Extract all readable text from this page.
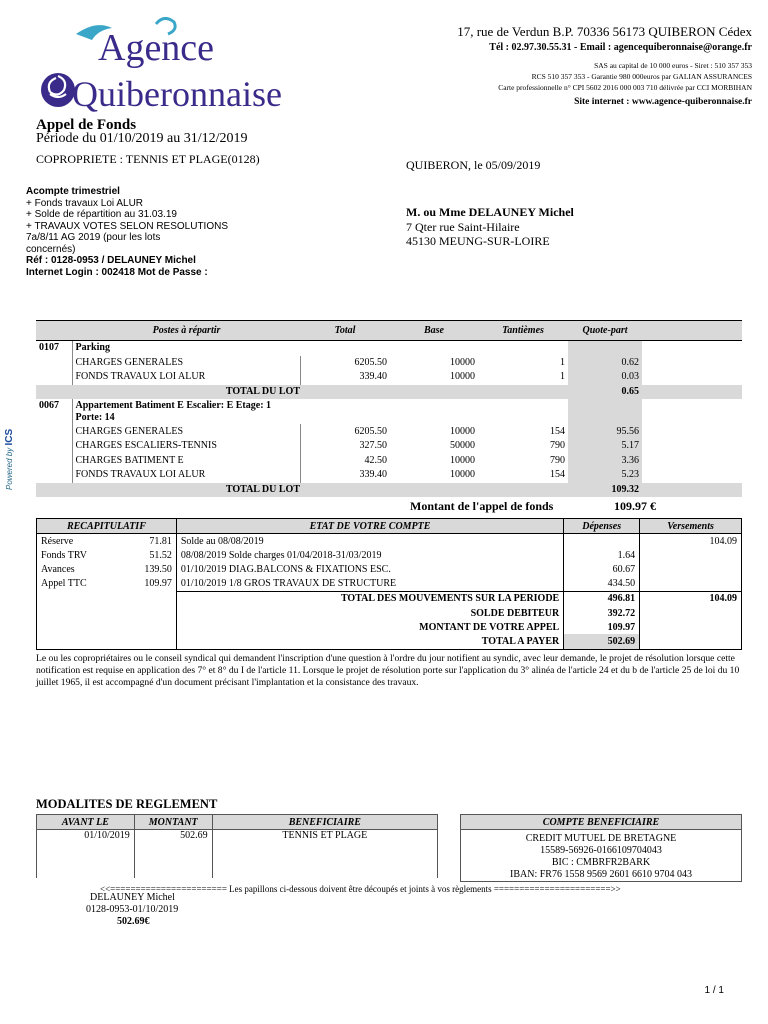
Agence
Quiberonnaise
17, rue de Verdun B.P. 70336 56173 QUIBERON Cédex
Tél : 02.97.30.55.31 - Email : agencequiberonnaise@orange.fr
SAS au capital de 10 000 euros - Siret : 510 357 353
RCS 510 357 353 - Garantie 980 000euros par GALIAN ASSURANCES
Carte professionnelle n° CPI 5602 2016 000 003 710 délivrée par CCI MORBIHAN
Site internet : www.agence-quiberonnaise.fr
Appel de Fonds
Période du 01/10/2019 au 31/12/2019
COPROPRIETE : TENNIS ET PLAGE(0128)	QUIBERON, le 05/09/2019
Acompte trimestriel
+ Fonds travaux Loi ALUR
+ Solde de répartition au 31.03.19
+ TRAVAUX VOTES SELON RESOLUTIONS
7a/8/11 AG 2019 (pour les lots
concernés)
Réf : 0128-0953 / DELAUNEY Michel
Internet Login : 002418 Mot de Passe :
M. ou Mme DELAUNEY Michel
7 Qter rue Saint-Hilaire
45130 MEUNG-SUR-LOIRE
Powered by ICS
Postes à répartir		Total	Base	Tantièmes	Quote-part	
0107	Parking					
	CHARGES GENERALES	6205.50	10000	1	0.62	
	FONDS TRAVAUX LOI ALUR	339.40	10000	1	0.03	
	TOTAL DU LOT				0.65	
0067	Appartement Batiment E Escalier: E Etage: 1
Porte: 14					

	CHARGES GENERALES	6205.50	10000	154	95.56	
	CHARGES ESCALIERS-TENNIS	327.50	50000	790	5.17	
	CHARGES BATIMENT E	42.50	10000	790	3.36	
	FONDS TRAVAUX LOI ALUR	339.40	10000	154	5.23	
	TOTAL DU LOT				109.32	
Montant de l'appel de fonds	109.97 €
RECAPITULATIF		ETAT DE VOTRE COMPTE	Dépenses	Versements
Réserve	71.81	Solde au 08/08/2019		104.09
Fonds TRV	51.52	08/08/2019 Solde charges 01/04/2018-31/03/2019	1.64	
Avances	139.50	01/10/2019 DIAG.BALCONS & FIXATIONS ESC.	60.67	
Appel TTC	109.97	01/10/2019 1/8 GROS TRAVAUX DE STRUCTURE	434.50	
		TOTAL DES MOUVEMENTS SUR LA PERIODE	496.81	104.09
		SOLDE DEBITEUR	392.72	
		MONTANT DE VOTRE APPEL	109.97	
		TOTAL A PAYER	502.69	
Le ou les copropriétaires ou le conseil syndical qui demandent l'inscription d'une question à l'ordre du jour notifient au syndic, avec leur demande, le projet de résolution lorsque cette notification est requise en application des 7° et 8° du I de l'article 11. Lorsque le projet de résolution porte sur l'application du 3° alinéa de l'article 24 et du b de l'article 25 de loi du 10 juillet 1965, il est accompagné d'un document précisant l'implantation et la consistance des travaux.
MODALITES DE REGLEMENT
AVANT LE	MONTANT	BENEFICIAIRE
01/10/2019	502.69	TENNIS ET PLAGE
COMPTE BENEFICIAIRE

CREDIT MUTUEL DE BRETAGNE
15589-56926-0166109704043
BIC : CMBRFR2BARK
IBAN: FR76 1558 9569 2601 6610 9704 043
<<======================= Les papillons ci-dessous doivent être découpés et joints à vos règlements =======================>>
DELAUNEY Michel
0128-0953-01/10/2019
502.69€
1 / 1
